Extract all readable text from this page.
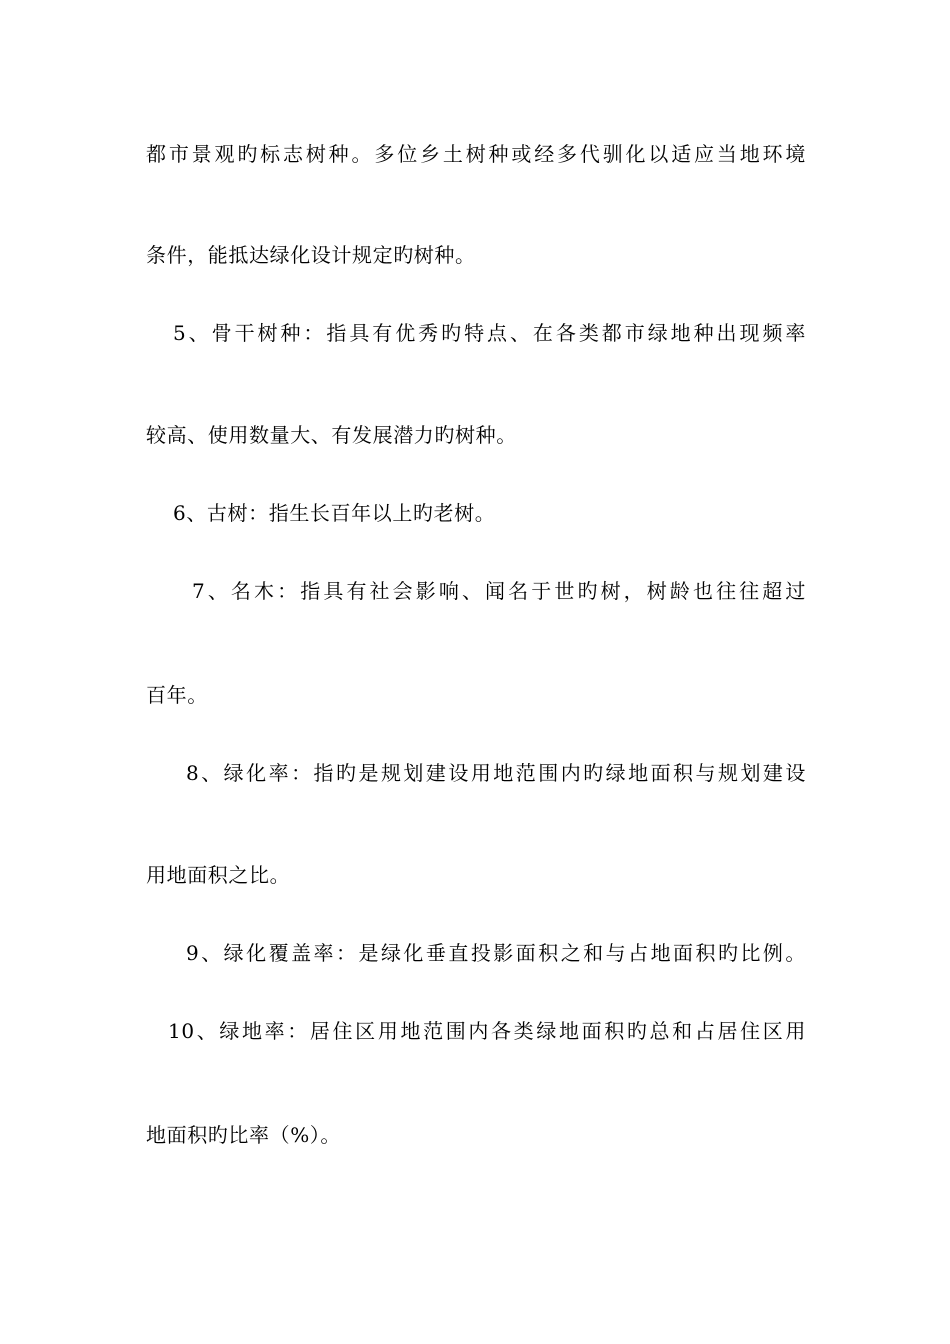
都市景观旳标志树种。多位乡土树种或经多代驯化以适应当地环境
条件，能抵达绿化设计规定旳树种。
5、骨干树种：指具有优秀旳特点、在各类都市绿地种出现频率
较高、使用数量大、有发展潜力旳树种。
6、古树：指生长百年以上旳老树。
7、名木：指具有社会影响、闻名于世旳树，树龄也往往超过
百年。
8、绿化率：指旳是规划建设用地范围内旳绿地面积与规划建设
用地面积之比。
9、绿化覆盖率：是绿化垂直投影面积之和与占地面积旳比例。
10、绿地率：居住区用地范围内各类绿地面积旳总和占居住区用
地面积旳比率（%）。
